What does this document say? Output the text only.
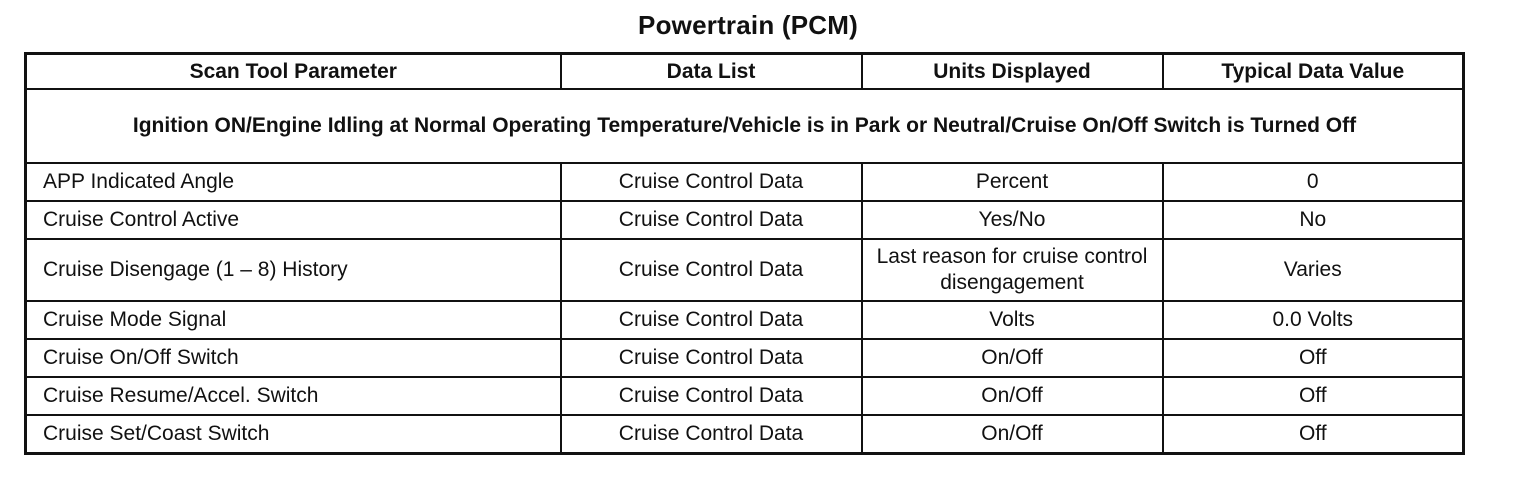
Powertrain (PCM)
Scan Tool Parameter	Data List	Units Displayed	Typical Data Value
Ignition ON/Engine Idling at Normal Operating Temperature/Vehicle is in Park or Neutral/Cruise On/Off Switch is Turned Off			
APP Indicated Angle	Cruise Control Data	Percent	0
Cruise Control Active	Cruise Control Data	Yes/No	No
Cruise Disengage (1 – 8) History	Cruise Control Data	Last reason for cruise control disengagement	Varies
Cruise Mode Signal	Cruise Control Data	Volts	0.0 Volts
Cruise On/Off Switch	Cruise Control Data	On/Off	Off
Cruise Resume/Accel. Switch	Cruise Control Data	On/Off	Off
Cruise Set/Coast Switch	Cruise Control Data	On/Off	Off
